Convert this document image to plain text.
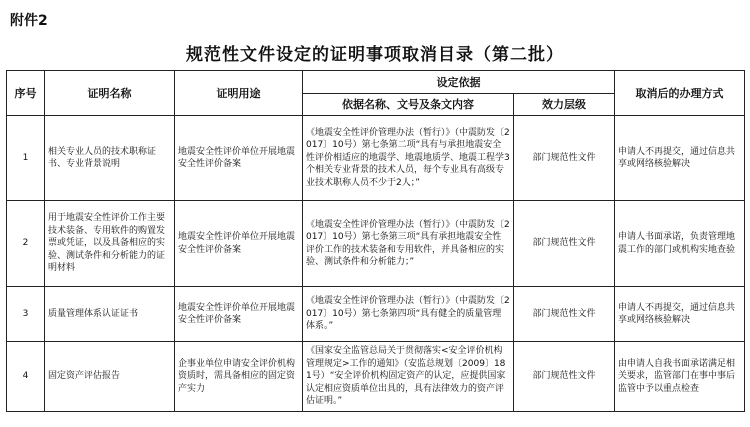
附件2
规范性文件设定的证明事项取消目录（第二批）
序号	证明名称	证明用途	设定依据		取消后的办理方式
			依据名称、文号及条文内容	效力层级	
1	相关专业人员的技术职称证书、专业背景说明	地震安全性评价单位开展地震安全性评价备案	《地震安全性评价管理办法（暂行）》（中震防发〔2017〕10号）第七条第二项“具有与承担地震安全性评价相适应的地震学、地震地质学、地震工程学3个相关专业背景的技术人员，每个专业具有高级专业技术职称人员不少于2人；”	部门规范性文件	申请人不再提交，通过信息共享或网络核验解决
2	用于地震安全性评价工作主要技术装备、专用软件的购置发票或凭证，以及具备相应的实验、测试条件和分析能力的证明材料	地震安全性评价单位开展地震安全性评价备案	《地震安全性评价管理办法（暂行）》（中震防发〔2017〕10号）第七条第三项“具有承担地震安全性评价工作的技术装备和专用软件，并具备相应的实验、测试条件和分析能力；”	部门规范性文件	申请人书面承诺，负责管理地震工作的部门或机构实地查验
3	质量管理体系认证证书	地震安全性评价单位开展地震安全性评价备案	《地震安全性评价管理办法（暂行）》（中震防发〔2017〕10号）第七条第四项“具有健全的质量管理体系。”	部门规范性文件	申请人不再提交，通过信息共享或网络核验解决
4	固定资产评估报告	企事业单位申请安全评价机构资质时，需具备相应的固定资产实力	《国家安全监管总局关于贯彻落实<安全评价机构管理规定>工作的通知》（安监总规划〔2009〕181号）“安全评价机构固定资产的认定，应提供国家认定相应资质单位出具的，具有法律效力的资产评估证明。”	部门规范性文件	由申请人自我书面承诺满足相关要求，监管部门在事中事后监管中予以重点检查
